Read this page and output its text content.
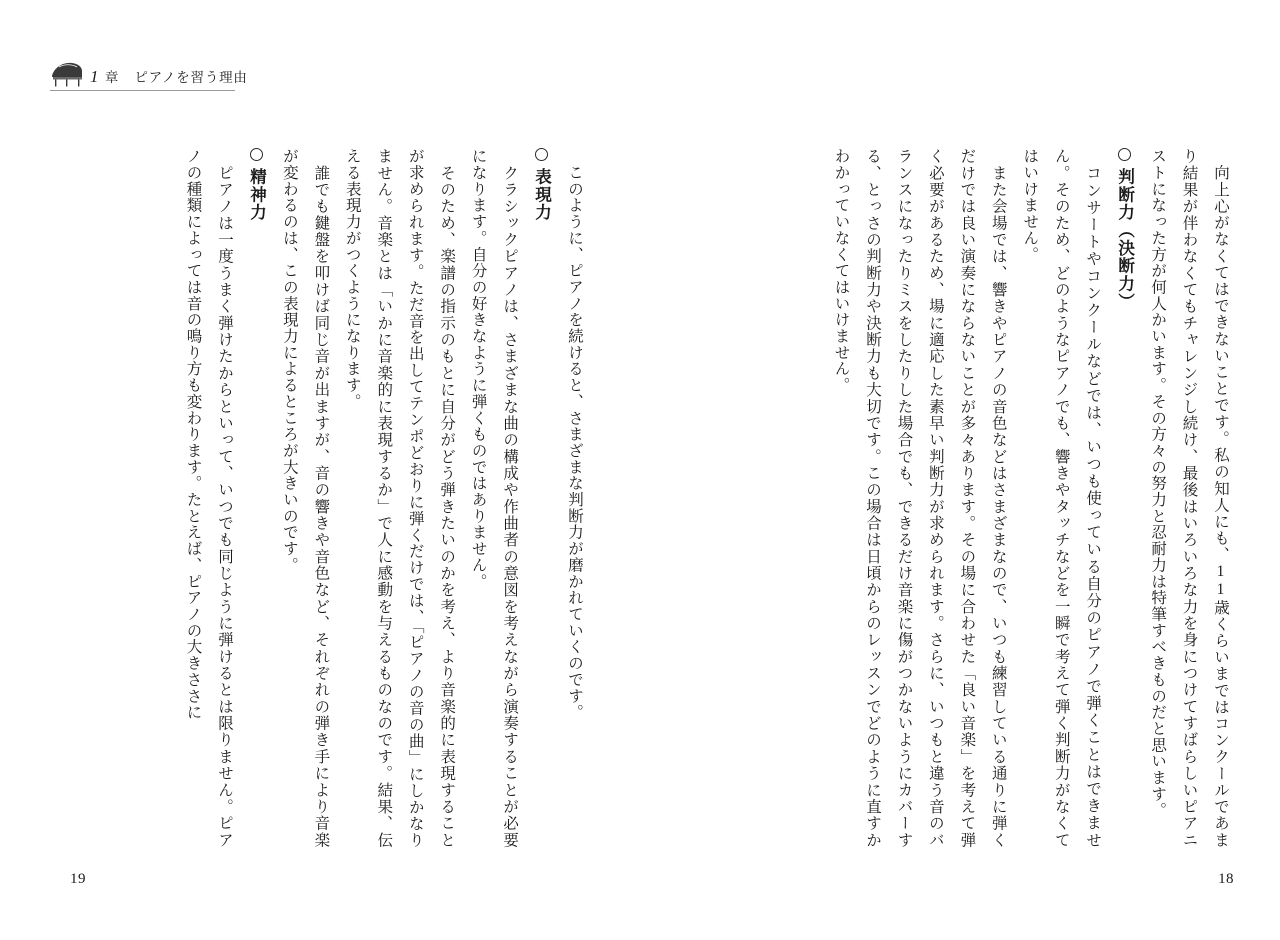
1 章 ピアノを習う理由
　向上心がなくてはできないことです。私の知人にも、11歳くらいまではコンクールであまり結果が伴わなくてもチャレンジし続け、最後はいろいろな力を身につけてすばらしいピアニストになった方が何人かいます。その方々の努力と忍耐力は特筆すべきものだと思います。
判断力（決断力）
　コンサートやコンクールなどでは、いつも使っている自分のピアノで弾くことはできません。そのため、どのようなピアノでも、響きやタッチなどを一瞬で考えて弾く判断力がなくてはいけません。
　また会場では、響きやピアノの音色などはさまざまなので、いつも練習している通りに弾くだけでは良い演奏にならないことが多々あります。その場に合わせた「良い音楽」を考えて弾く必要があるため、場に適応した素早い判断力が求められます。さらに、いつもと違う音のバランスになったりミスをしたりした場合でも、できるだけ音楽に傷がつかないようにカバーする、とっさの判断力や決断力も大切です。この場合は日頃からのレッスンでどのように直すかわかっていなくてはいけません。
18
　このように、ピアノを続けると、さまざまな判断力が磨かれていくのです。
表現力
　クラシックピアノは、さまざまな曲の構成や作曲者の意図を考えながら演奏することが必要になります。自分の好きなように弾くものではありません。
　そのため、楽譜の指示のもとに自分がどう弾きたいのかを考え、より音楽的に表現することが求められます。ただ音を出してテンポどおりに弾くだけでは、「ピアノの音の曲」にしかなりません。音楽とは「いかに音楽的に表現するか」で人に感動を与えるものなのです。結果、伝える表現力がつくようになります。
　誰でも鍵盤を叩けば同じ音が出ますが、音の響きや音色など、それぞれの弾き手により音楽が変わるのは、この表現力によるところが大きいのです。
精神力
　ピアノは一度うまく弾けたからといって、いつでも同じように弾けるとは限りません。ピアノの種類によっては音の鳴り方も変わります。たとえば、ピアノの大きささに
19
